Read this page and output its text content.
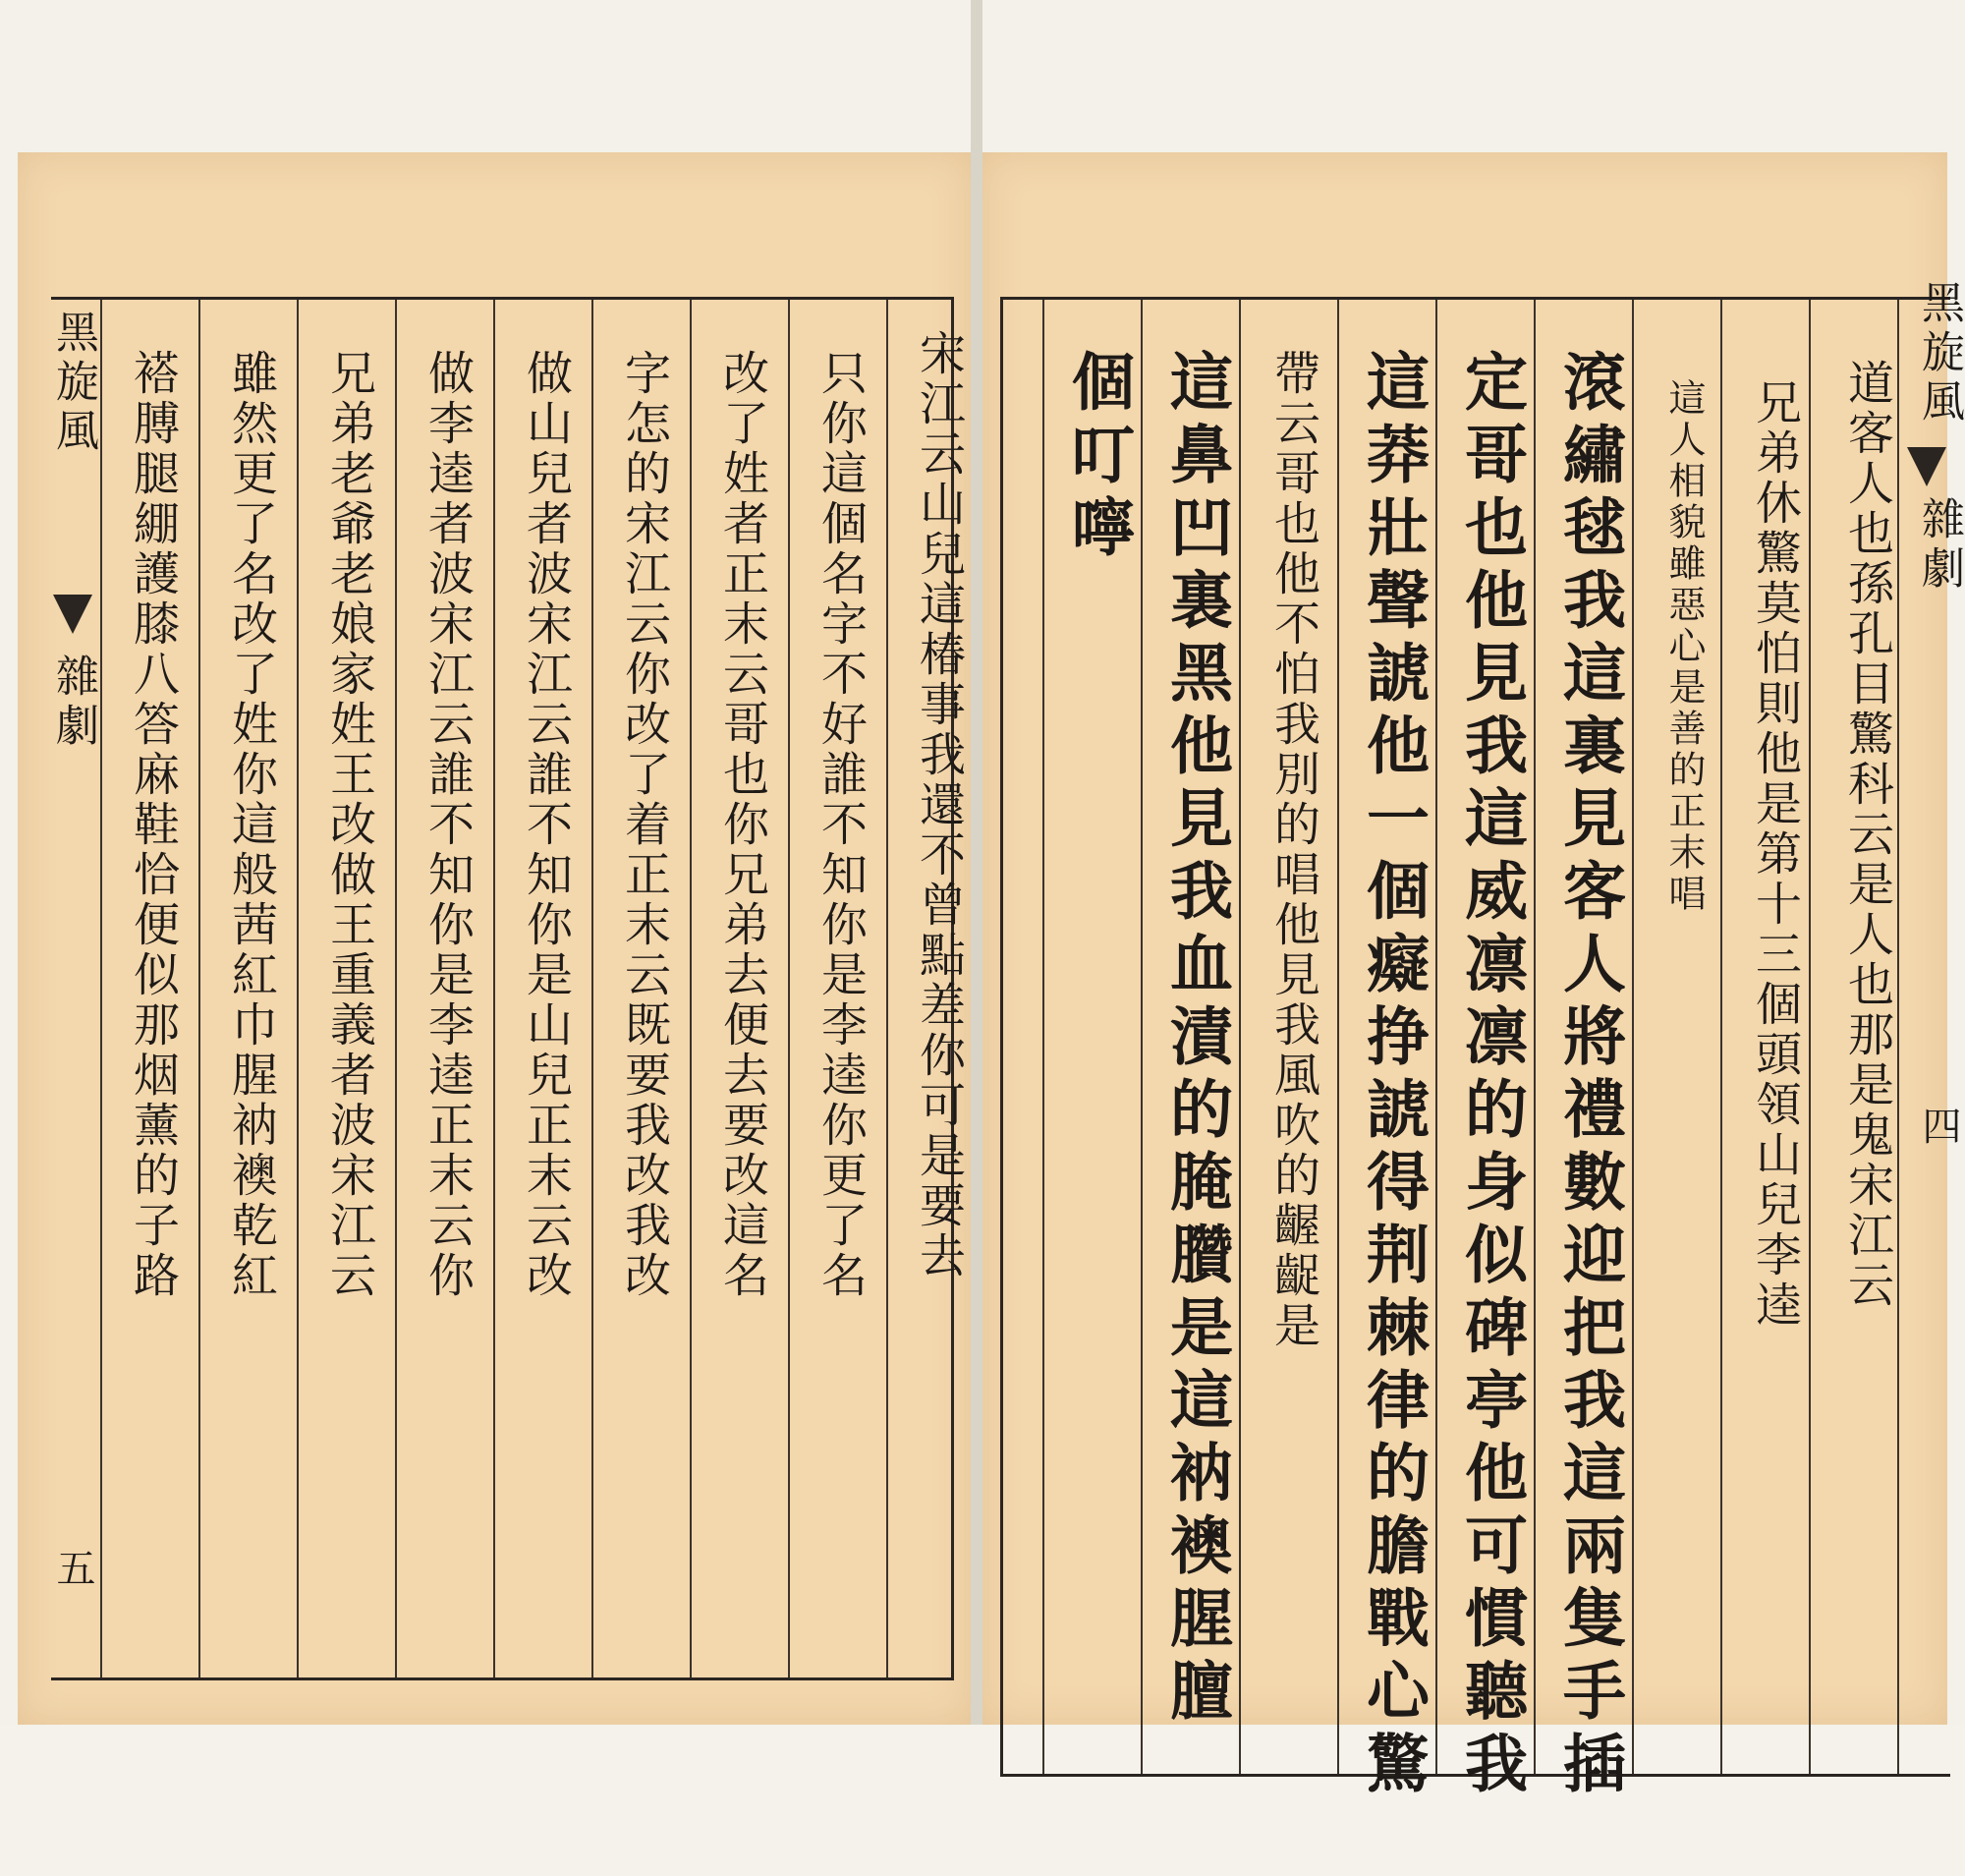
黑旋風
雜劇
五
宋江云山兒這椿事我還不曾點差你可是要去
只你這個名字不好誰不知你是李逵你更了名
改了姓者正末云哥也你兄弟去便去要改這名
字怎的宋江云你改了着正末云既要我改我改
做山兒者波宋江云誰不知你是山兒正末云改
做李逵者波宋江云誰不知你是李逵正末云你
兄弟老爺老娘家姓王改做王重義者波宋江云
雖然更了名改了姓你這般茜紅巾腥衲襖乾紅
褡膊腿綳護膝八答麻鞋恰便似那烟薰的子路	黑旋風
雜劇
四
道客人也孫孔目驚科云是人也那是鬼宋江云
兄弟休驚莫怕則他是第十三個頭領山兒李逵
這人相貌雖惡心是善的正末唱
滾繡毬我這裏見客人將禮數迎把我這兩隻手插
定哥也他見我這威凛凛的身似碑亭他可慣聽我
這莽壯聲諕他一個癡挣諕得荆棘律的膽戰心驚
帶云哥也他不怕我別的唱他見我風吹的齷齪是
這鼻凹裏黑他見我血漬的腌臢是這衲襖腥膻
個叮嚀
